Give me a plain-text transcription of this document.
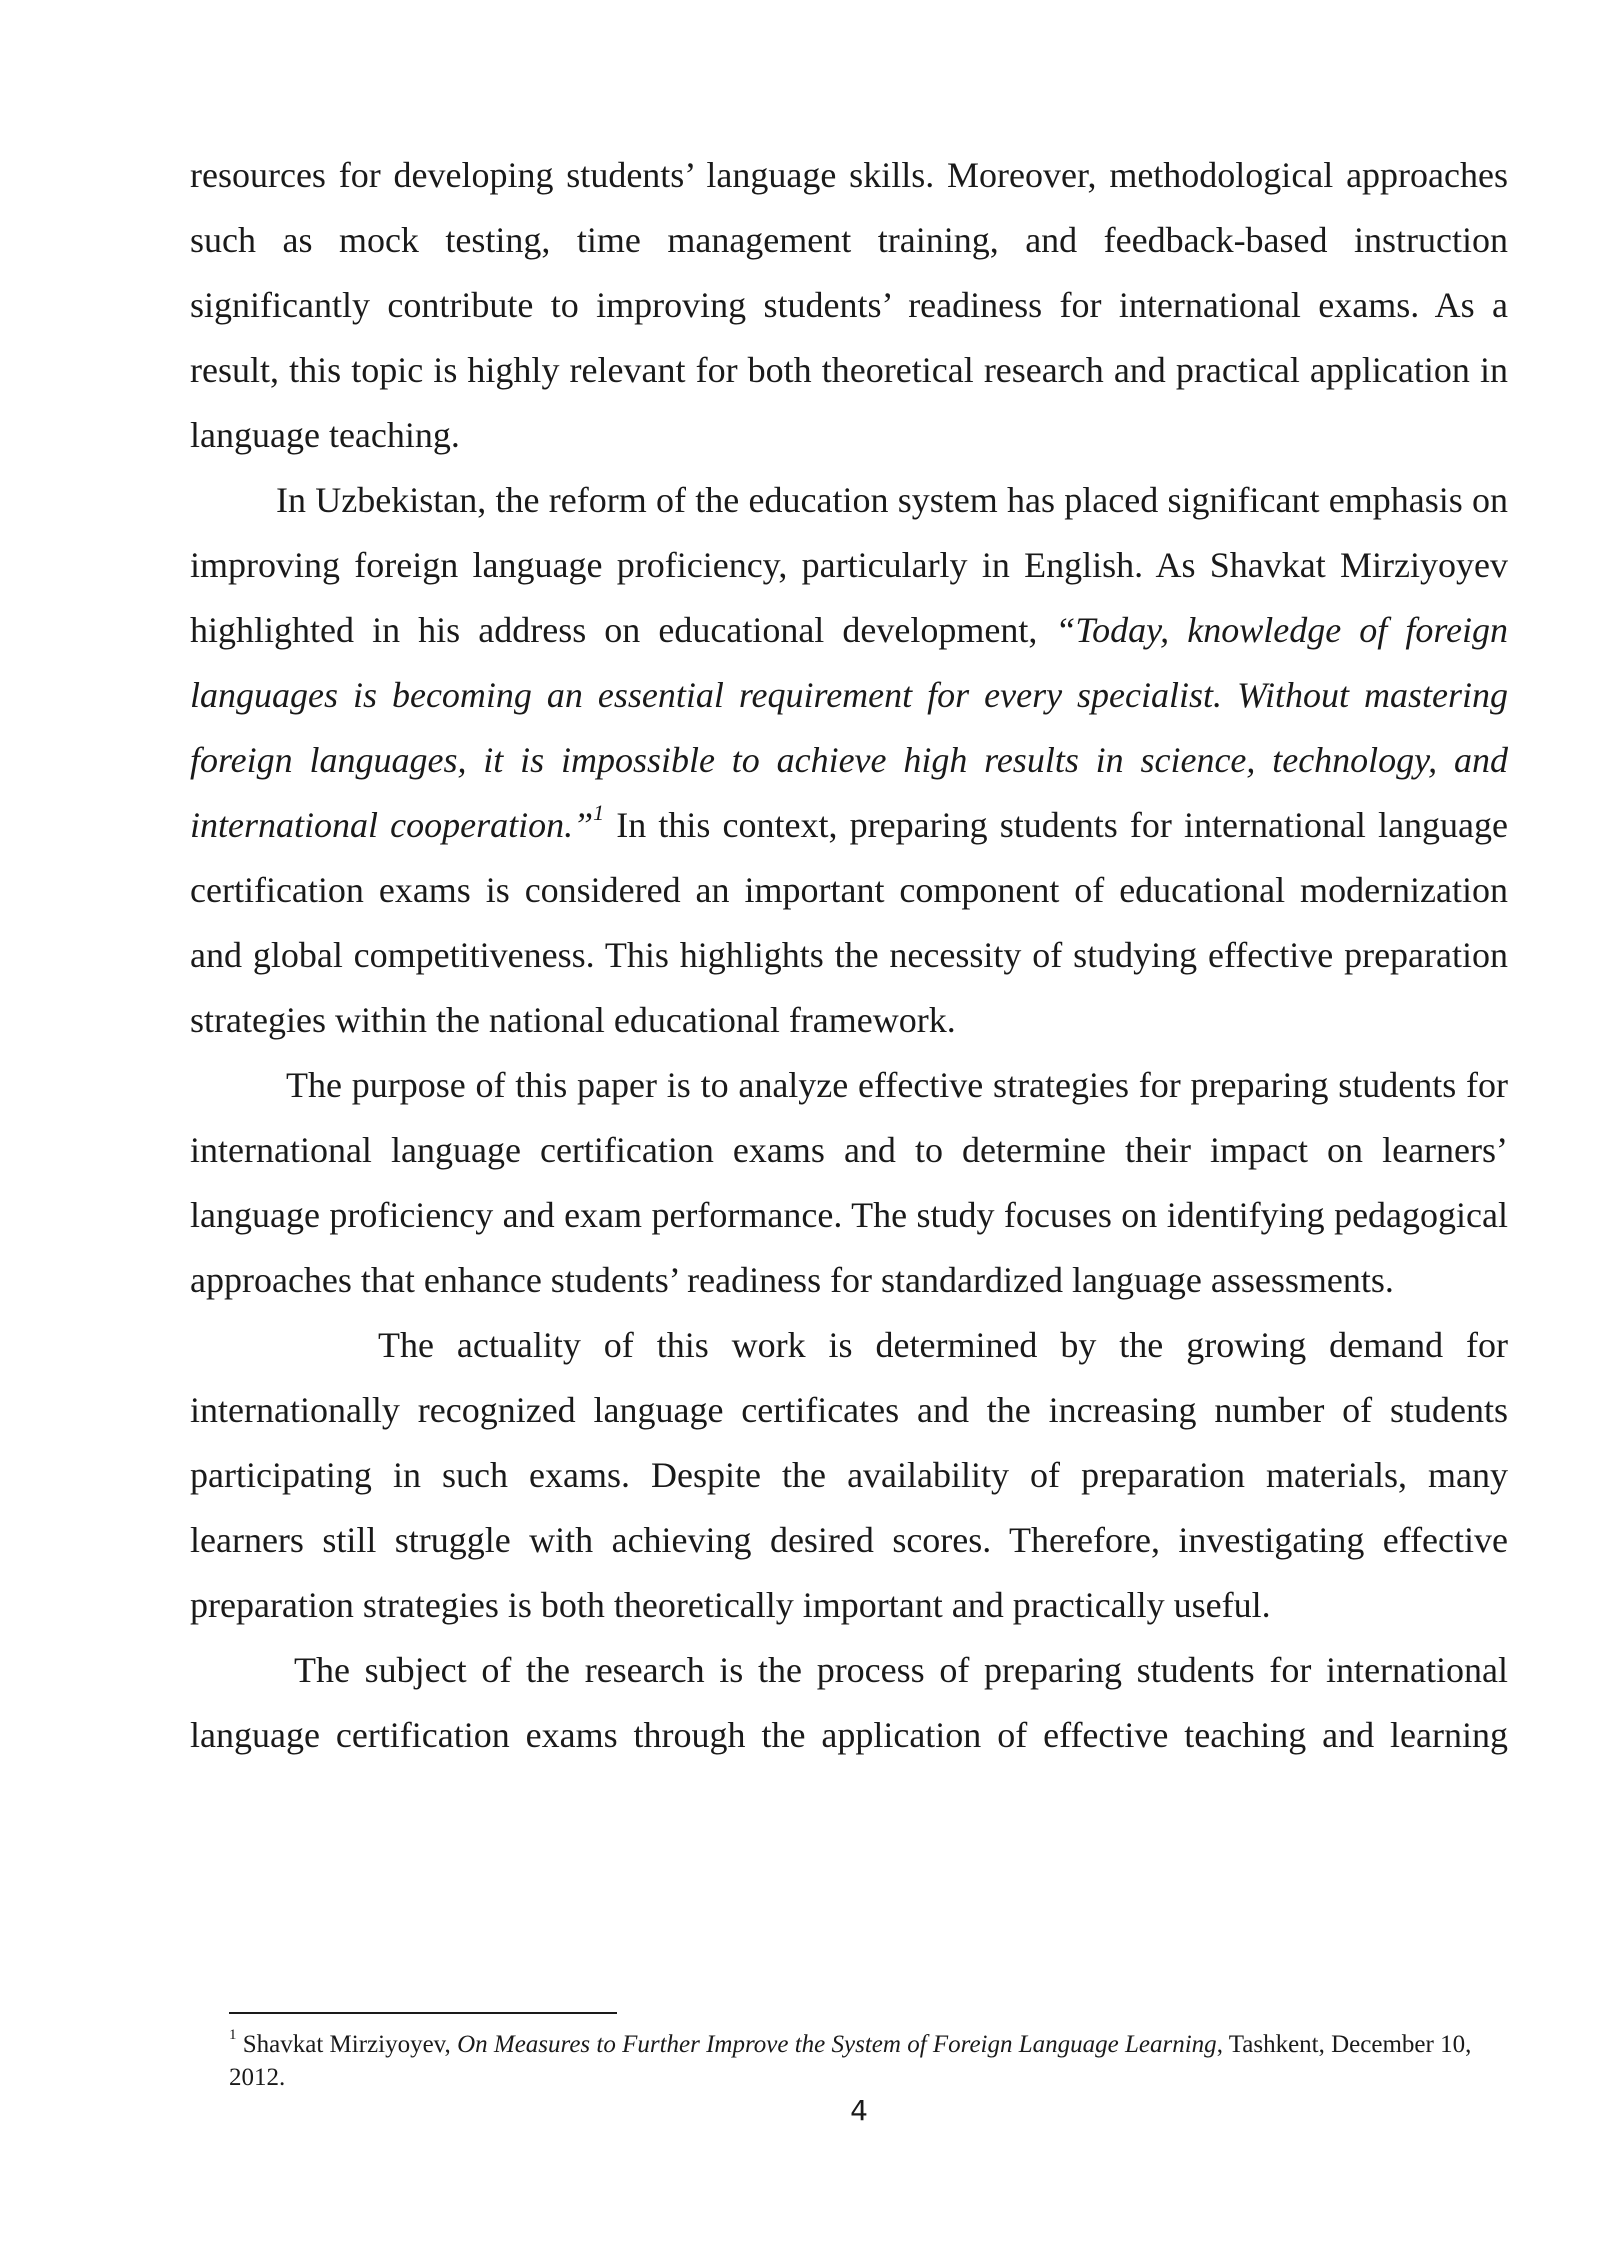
resources for developing students’ language skills. Moreover, methodological approaches such as mock testing, time management training, and feedback-based instruction significantly contribute to improving students’ readiness for international exams. As a result, this topic is highly relevant for both theoretical research and practical application in language teaching.

In Uzbekistan, the reform of the education system has placed significant emphasis on improving foreign language proficiency, particularly in English. As Shavkat Mirziyoyev highlighted in his address on educational development, “Today, knowledge of foreign languages is becoming an essential requirement for every specialist. Without mastering foreign languages, it is impossible to achieve high results in science, technology, and international cooperation.”$^1$ In this context, preparing students for international language certification exams is considered an important component of educational modernization and global competitiveness. This highlights the necessity of studying effective preparation strategies within the national educational framework.

The purpose of this paper is to analyze effective strategies for preparing students for international language certification exams and to determine their impact on learners’ language proficiency and exam performance. The study focuses on identifying pedagogical approaches that enhance students’ readiness for standardized language assessments.

The actuality of this work is determined by the growing demand for internationally recognized language certificates and the increasing number of students participating in such exams. Despite the availability of preparation materials, many learners still struggle with achieving desired scores. Therefore, investigating effective preparation strategies is both theoretically important and practically useful.

The subject of the research is the process of preparing students for international language certification exams through the application of effective teaching and learning

$^1$ Shavkat Mirziyoyev, On Measures to Further Improve the System of Foreign Language Learning, Tashkent, December 10, 2012.

4
